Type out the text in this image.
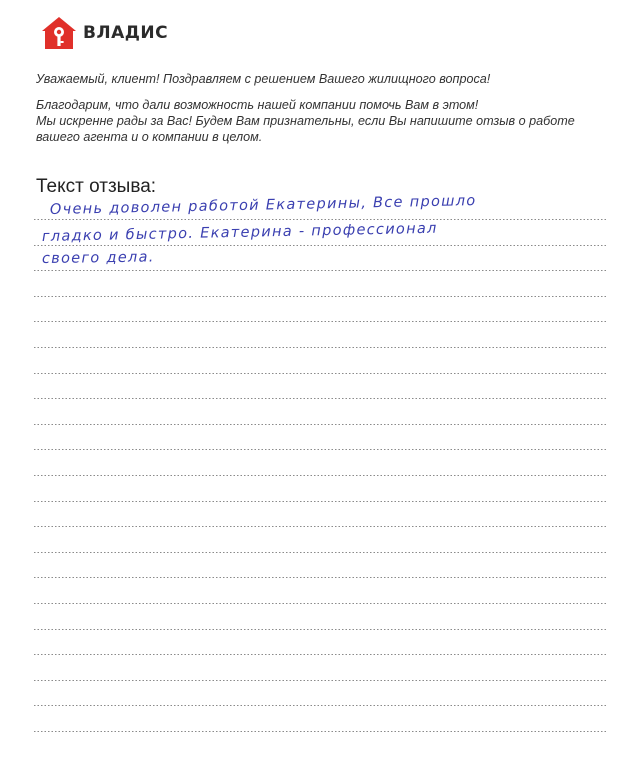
ВЛАДИС
Уважаемый, клиент! Поздравляем с решением Вашего жилищного вопроса!

Благодарим, что дали возможность нашей компании помочь Вам в этом!

Мы искренне рады за Вас! Будем Вам признательны, если Вы напишите отзыв о работе

вашего агента и о компании в целом.

Текст отзыва:
Очень доволен работой Екатерины, Все прошло
гладко и быстро. Екатерина - профессионал
своего дела.
